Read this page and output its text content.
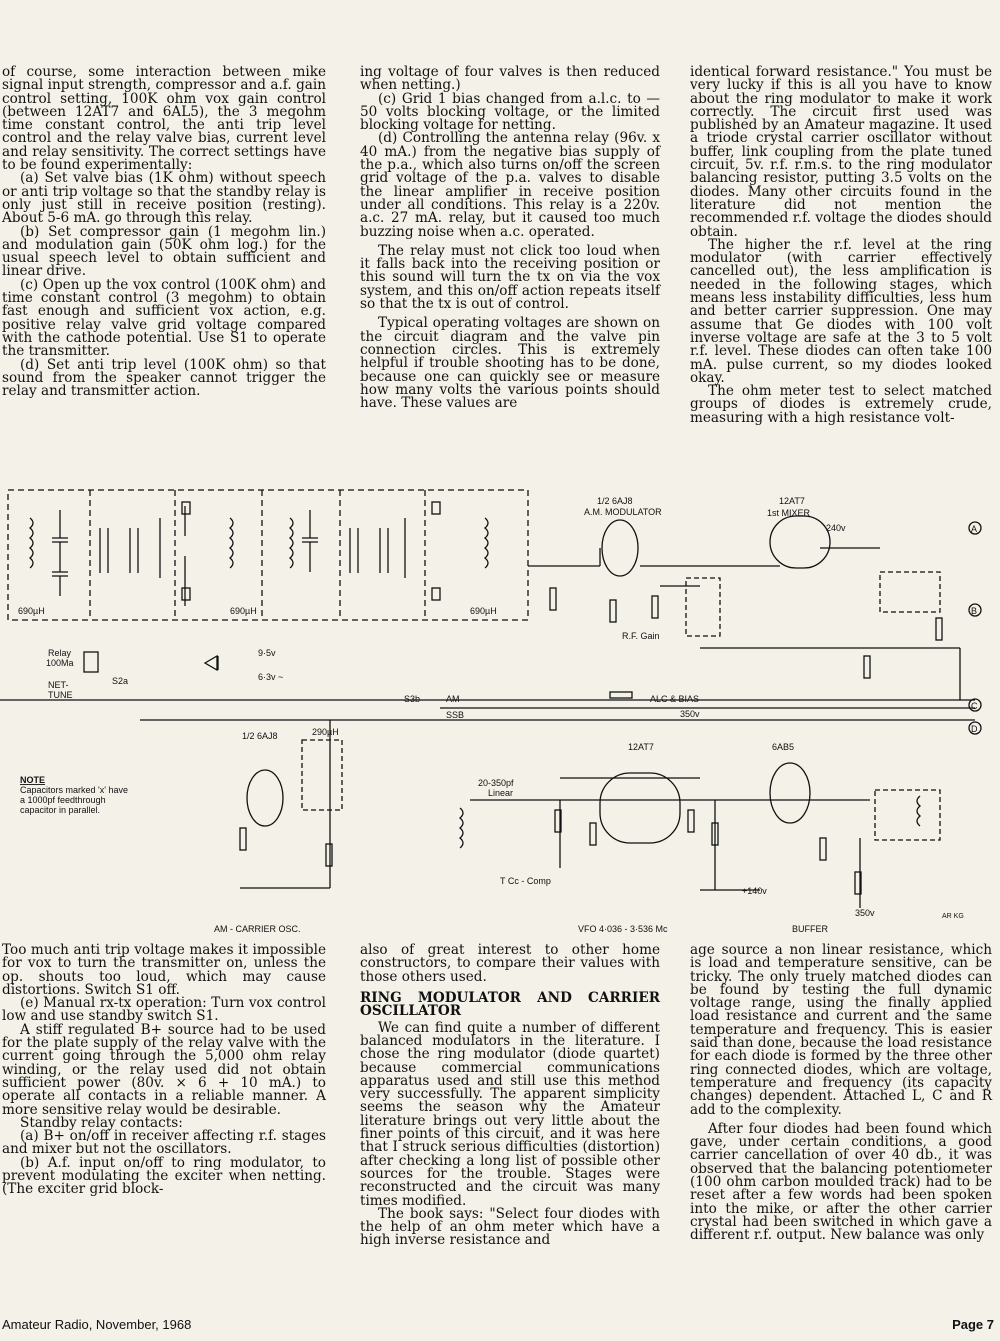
of course, some interaction between mike signal input strength, compressor and a.f. gain control setting, 100K ohm vox gain control (between 12AT7 and 6AL5), the 3 megohm time constant control, the anti trip level control and the relay valve bias, current level and relay sensitivity. The correct settings have to be found experimentally:

(a) Set valve bias (1K ohm) without speech or anti trip voltage so that the standby relay is only just still in receive position (resting). About 5-6 mA. go through this relay.

(b) Set compressor gain (1 megohm lin.) and modulation gain (50K ohm log.) for the usual speech level to obtain sufficient and linear drive.

(c) Open up the vox control (100K ohm) and time constant control (3 megohm) to obtain fast enough and sufficient vox action, e.g. positive relay valve grid voltage compared with the cathode potential. Use S1 to operate the transmitter.

(d) Set anti trip level (100K ohm) so that sound from the speaker cannot trigger the relay and transmitter action.

ing voltage of four valves is then reduced when netting.)

(c) Grid 1 bias changed from a.l.c. to —50 volts blocking voltage, or the limited blocking voltage for netting.

(d) Controlling the antenna relay (96v. x 40 mA.) from the negative bias supply of the p.a., which also turns on/off the screen grid voltage of the p.a. valves to disable the linear amplifier in receive position under all conditions. This relay is a 220v. a.c. 27 mA. relay, but it caused too much buzzing noise when a.c. operated.

The relay must not click too loud when it falls back into the receiving position or this sound will turn the tx on via the vox system, and this on/off action repeats itself so that the tx is out of control.

Typical operating voltages are shown on the circuit diagram and the valve pin connection circles. This is extremely helpful if trouble shooting has to be done, because one can quickly see or measure how many volts the various points should have. These values are

identical forward resistance." You must be very lucky if this is all you have to know about the ring modulator to make it work correctly. The circuit first used was published by an Amateur magazine. It used a triode crystal carrier oscillator without buffer, link coupling from the plate tuned circuit, 5v. r.f. r.m.s. to the ring modulator balancing resistor, putting 3.5 volts on the diodes. Many other circuits found in the literature did not mention the recommended r.f. voltage the diodes should obtain.

The higher the r.f. level at the ring modulator (with carrier effectively cancelled out), the less amplification is needed in the following stages, which means less instability difficulties, less hum and better carrier suppression. One may assume that Ge diodes with 100 volt inverse voltage are safe at the 3 to 5 volt r.f. level. These diodes can often take 100 mA. pulse current, so my diodes looked okay.

The ohm meter test to select matched groups of diodes is extremely crude, measuring with a high resistance volt-

1/2 6AJ8
A.M. MODULATOR
12AT7
1st MIXER
240v
690µH	690µH	690µH
R.F. Gain
Relay
100Ma
NET-
TUNE
S2a
9·5v
6·3v ~
S3b	AM
SSB
ALC & BIAS
350v
1/2 6AJ8	290µH
12AT7	6AB5
20-350pf
Linear
T Cc - Comp
+140v
350v
NOTE
Capacitors marked 'x' have
a 1000pf feedthrough
capacitor in parallel.
AM - CARRIER OSC.	VFO 4·036 - 3·536 Mc	BUFFER
AR KG
A
B
C
D

Too much anti trip voltage makes it impossible for vox to turn the transmitter on, unless the op. shouts too loud, which may cause distortions. Switch S1 off.

(e) Manual rx-tx operation: Turn vox control low and use standby switch S1.

A stiff regulated B+ source had to be used for the plate supply of the relay valve with the current going through the 5,000 ohm relay winding, or the relay used did not obtain sufficient power (80v. × 6 + 10 mA.) to operate all contacts in a reliable manner. A more sensitive relay would be desirable.

Standby relay contacts:

(a) B+ on/off in receiver affecting r.f. stages and mixer but not the oscillators.

(b) A.f. input on/off to ring modulator, to prevent modulating the exciter when netting. (The exciter grid block-

also of great interest to other home constructors, to compare their values with those others used.

RING MODULATOR AND CARRIER OSCILLATOR

We can find quite a number of different balanced modulators in the literature. I chose the ring modulator (diode quartet) because commercial communications apparatus used and still use this method very successfully. The apparent simplicity seems the season why the Amateur literature brings out very little about the finer points of this circuit, and it was here that I struck serious difficulties (distortion) after checking a long list of possible other sources for the trouble. Stages were reconstructed and the circuit was many times modified.

The book says: "Select four diodes with the help of an ohm meter which have a high inverse resistance and

age source a non linear resistance, which is load and temperature sensitive, can be tricky. The only truely matched diodes can be found by testing the full dynamic voltage range, using the finally applied load resistance and current and the same temperature and frequency. This is easier said than done, because the load resistance for each diode is formed by the three other ring connected diodes, which are voltage, temperature and frequency (its capacity changes) dependent. Attached L, C and R add to the complexity.

After four diodes had been found which gave, under certain conditions, a good carrier cancellation of over 40 db., it was observed that the balancing potentiometer (100 ohm carbon moulded track) had to be reset after a few words had been spoken into the mike, or after the other carrier crystal had been switched in which gave a different r.f. output. New balance was only

Amateur Radio, November, 1968	Page 7
